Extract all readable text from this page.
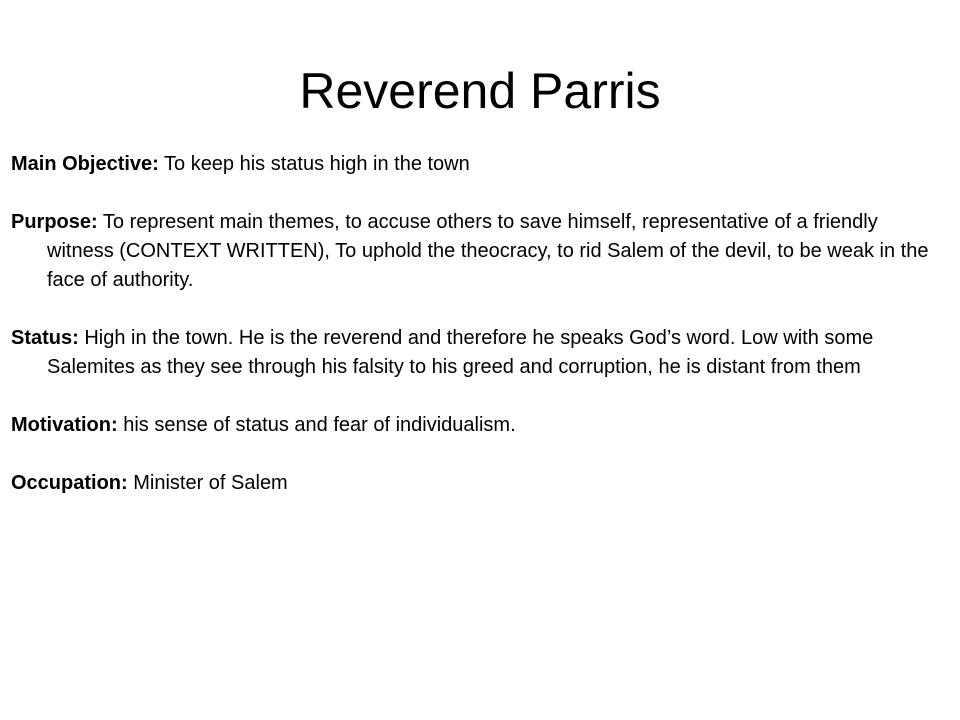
Reverend Parris

Main Objective: To keep his status high in the town

Purpose: To represent main themes, to accuse others to save himself, representative of a friendly witness (CONTEXT WRITTEN), To uphold the theocracy, to rid Salem of the devil, to be weak in the face of authority.

Status: High in the town. He is the reverend and therefore he speaks God’s word. Low with some Salemites as they see through his falsity to his greed and corruption, he is distant from them

Motivation: his sense of status and fear of individualism.

Occupation: Minister of Salem
